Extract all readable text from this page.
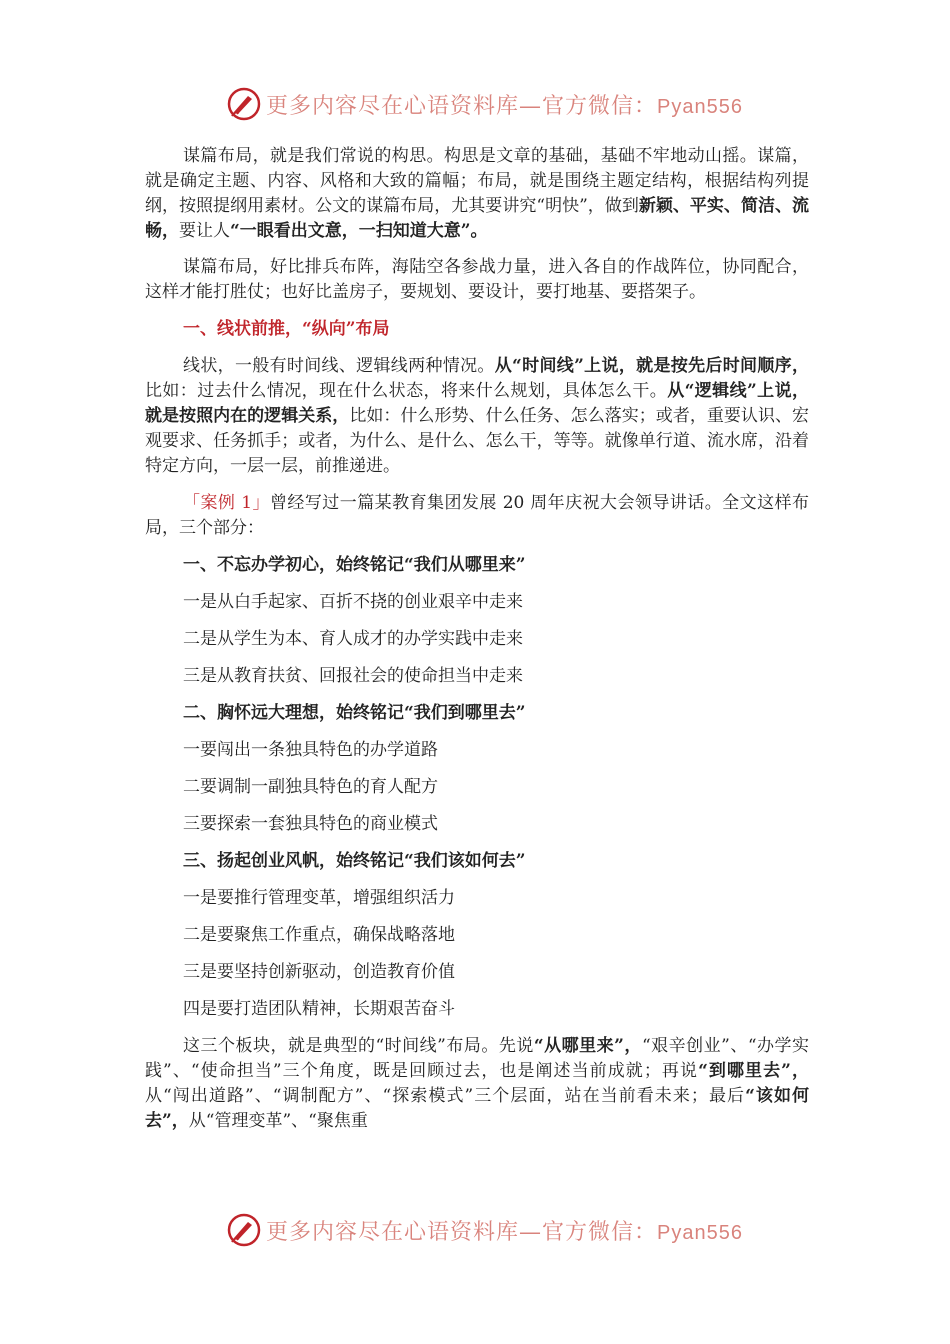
更多内容尽在心语资料库—官方微信：Pyan556

谋篇布局，就是我们常说的构思。构思是文章的基础，基础不牢地动山摇。谋篇，就是确定主题、内容、风格和大致的篇幅；布局，就是围绕主题定结构，根据结构列提纲，按照提纲用素材。公文的谋篇布局，尤其要讲究“明快”，做到新颖、平实、简洁、流畅，要让人“一眼看出文意，一扫知道大意”。

谋篇布局，好比排兵布阵，海陆空各参战力量，进入各自的作战阵位，协同配合，这样才能打胜仗；也好比盖房子，要规划、要设计，要打地基、要搭架子。

一、线状前推，“纵向”布局

线状，一般有时间线、逻辑线两种情况。从“时间线”上说，就是按先后时间顺序，比如：过去什么情况，现在什么状态，将来什么规划，具体怎么干。从“逻辑线”上说，就是按照内在的逻辑关系，比如：什么形势、什么任务、怎么落实；或者，重要认识、宏观要求、任务抓手；或者，为什么、是什么、怎么干，等等。就像单行道、流水席，沿着特定方向，一层一层，前推递进。

「案例 1」曾经写过一篇某教育集团发展 20 周年庆祝大会领导讲话。全文这样布局，三个部分：

一、不忘办学初心，始终铭记“我们从哪里来”

一是从白手起家、百折不挠的创业艰辛中走来

二是从学生为本、育人成才的办学实践中走来

三是从教育扶贫、回报社会的使命担当中走来

二、胸怀远大理想，始终铭记“我们到哪里去”

一要闯出一条独具特色的办学道路

二要调制一副独具特色的育人配方

三要探索一套独具特色的商业模式

三、扬起创业风帆，始终铭记“我们该如何去”

一是要推行管理变革，增强组织活力

二是要聚焦工作重点，确保战略落地

三是要坚持创新驱动，创造教育价值

四是要打造团队精神，长期艰苦奋斗

这三个板块，就是典型的“时间线”布局。先说“从哪里来”，“艰辛创业”、“办学实践”、“使命担当”三个角度，既是回顾过去，也是阐述当前成就；再说“到哪里去”，从“闯出道路”、“调制配方”、“探索模式”三个层面，站在当前看未来；最后“该如何去”，从“管理变革”、“聚焦重

更多内容尽在心语资料库—官方微信：Pyan556
